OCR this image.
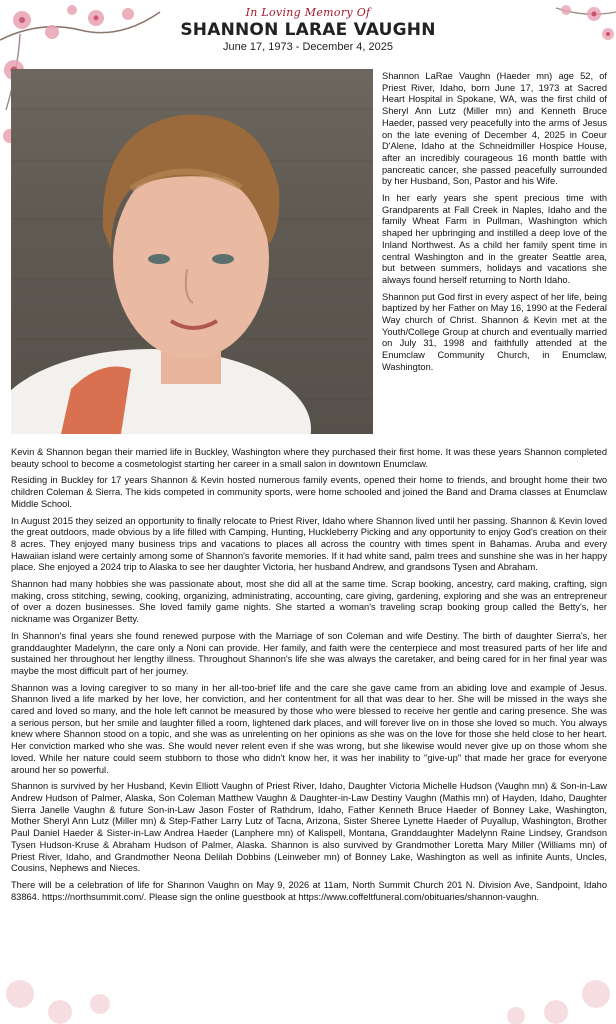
In Loving Memory Of
SHANNON LARAE VAUGHN
June 17, 1973 - December 4, 2025

Shannon LaRae Vaughn (Haeder mn) age 52, of Priest River, Idaho, born June 17, 1973 at Sacred Heart Hospital in Spokane, WA, was the first child of Sheryl Ann Lutz (Miller mn) and Kenneth Bruce Haeder, passed very peacefully into the arms of Jesus on the late evening of December 4, 2025 in Coeur D'Alene, Idaho at the Schneidmiller Hospice House, after an incredibly courageous 16 month battle with pancreatic cancer, she passed peacefully surrounded by her Husband, Son, Pastor and his Wife.

In her early years she spent precious time with Grandparents at Fall Creek in Naples, Idaho and the family Wheat Farm in Pullman, Washington which shaped her upbringing and instilled a deep love of the Inland Northwest. As a child her family spent time in central Washington and in the greater Seattle area, but between summers, holidays and vacations she always found herself returning to North Idaho.

Shannon put God first in every aspect of her life, being baptized by her Father on May 16, 1990 at the Federal Way church of Christ. Shannon & Kevin met at the Youth/College Group at church and eventually married on July 31, 1998 and faithfully attended at the Enumclaw Community Church, in Enumclaw, Washington.

Kevin & Shannon began their married life in Buckley, Washington where they purchased their first home. It was these years Shannon completed beauty school to become a cosmetologist starting her career in a small salon in downtown Enumclaw.

Residing in Buckley for 17 years Shannon & Kevin hosted numerous family events, opened their home to friends, and brought home their two children Coleman & Sierra. The kids competed in community sports, were home schooled and joined the Band and Drama classes at Enumclaw Middle School.

In August 2015 they seized an opportunity to finally relocate to Priest River, Idaho where Shannon lived until her passing. Shannon & Kevin loved the great outdoors, made obvious by a life filled with Camping, Hunting, Huckleberry Picking and any opportunity to enjoy God's creation on their 8 acres. They enjoyed many business trips and vacations to places all across the country with times spent in Bahamas. Aruba and every Hawaiian island were certainly among some of Shannon's favorite memories. If it had white sand, palm trees and sunshine she was in her happy place. She enjoyed a 2024 trip to Alaska to see her daughter Victoria, her husband Andrew, and grandsons Tysen and Abraham.

Shannon had many hobbies she was passionate about, most she did all at the same time. Scrap booking, ancestry, card making, crafting, sign making, cross stitching, sewing, cooking, organizing, administrating, accounting, care giving, gardening, exploring and she was an entrepreneur of over a dozen businesses. She loved family game nights. She started a woman's traveling scrap booking group called the Betty's, her nickname was Organizer Betty.

In Shannon's final years she found renewed purpose with the Marriage of son Coleman and wife Destiny. The birth of daughter Sierra's, her granddaughter Madelynn, the care only a Noni can provide. Her family, and faith were the centerpiece and most treasured parts of her life and sustained her throughout her lengthy illness. Throughout Shannon's life she was always the caretaker, and being cared for in her final year was maybe the most difficult part of her journey.

Shannon was a loving caregiver to so many in her all-too-brief life and the care she gave came from an abiding love and example of Jesus. Shannon lived a life marked by her love, her conviction, and her contentment for all that was dear to her. She will be missed in the ways she cared and loved so many, and the hole left cannot be measured by those who were blessed to receive her gentle and caring presence. She was a serious person, but her smile and laughter filled a room, lightened dark places, and will forever live on in those she loved so much. You always knew where Shannon stood on a topic, and she was as unrelenting on her opinions as she was on the love for those she held close to her heart. Her conviction marked who she was. She would never relent even if she was wrong, but she likewise would never give up on those whom she loved. While her nature could seem stubborn to those who didn't know her, it was her inability to "give-up" that made her grace for everyone around her so powerful.

Shannon is survived by her Husband, Kevin Elliott Vaughn of Priest River, Idaho, Daughter Victoria Michelle Hudson (Vaughn mn) & Son-in-Law Andrew Hudson of Palmer, Alaska, Son Coleman Matthew Vaughn & Daughter-in-Law Destiny Vaughn (Mathis mn) of Hayden, Idaho, Daughter Sierra Janelle Vaughn & future Son-in-Law Jason Foster of Rathdrum, Idaho, Father Kenneth Bruce Haeder of Bonney Lake, Washington, Mother Sheryl Ann Lutz (Miller mn) & Step-Father Larry Lutz of Tacna, Arizona, Sister Sheree Lynette Haeder of Puyallup, Washington, Brother Paul Daniel Haeder & Sister-in-Law Andrea Haeder (Lanphere mn) of Kalispell, Montana, Granddaughter Madelynn Raine Lindsey, Grandson Tysen Hudson-Kruse & Abraham Hudson of Palmer, Alaska. Shannon is also survived by Grandmother Loretta Mary Miller (Williams mn) of Priest River, Idaho, and Grandmother Neona Delilah Dobbins (Leinweber mn) of Bonney Lake, Washington as well as infinite Aunts, Uncles, Cousins, Nephews and Nieces.

There will be a celebration of life for Shannon Vaughn on May 9, 2026 at 11am, North Summit Church 201 N. Division Ave, Sandpoint, Idaho 83864. https://northsummit.com/. Please sign the online guestbook at https://www.coffeltfuneral.com/obituaries/shannon-vaughn.
